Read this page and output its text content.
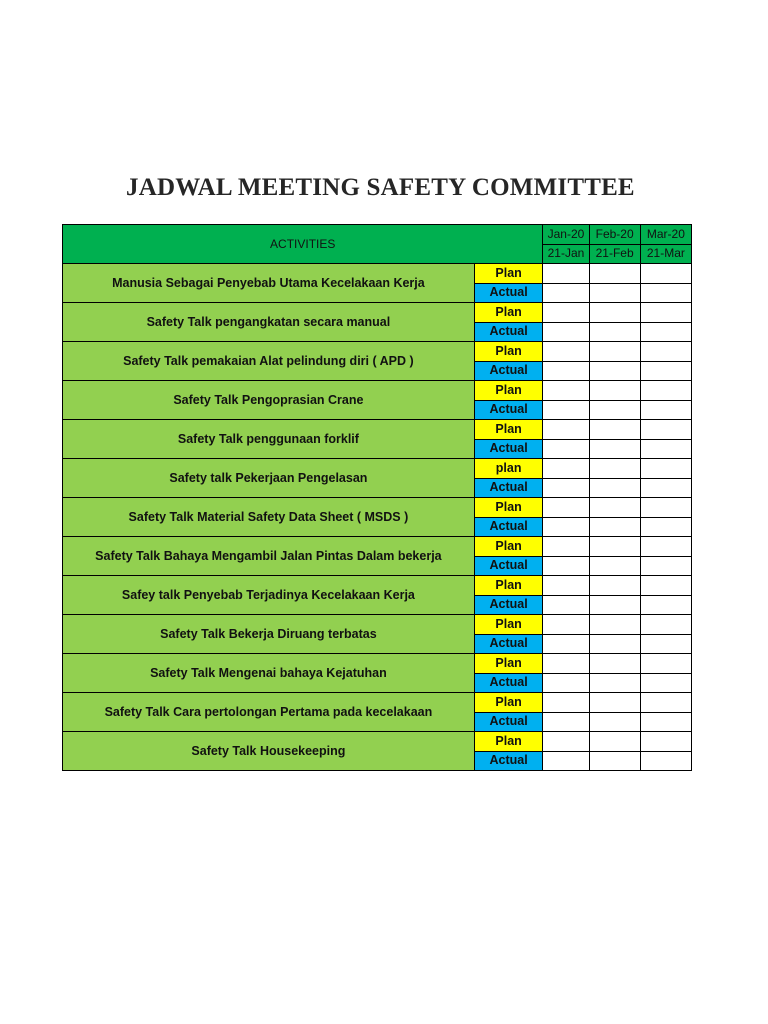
JADWAL MEETING SAFETY COMMITTEE
ACTIVITIES		Jan-20	Feb-20	Mar-20
		21-Jan	21-Feb	21-Mar
Manusia Sebagai Penyebab Utama Kecelakaan Kerja	Plan			
	Actual			
Safety Talk pengangkatan secara manual	Plan			
	Actual			
Safety Talk pemakaian Alat pelindung diri ( APD )	Plan			
	Actual			
Safety Talk Pengoprasian Crane	Plan			
	Actual			
Safety Talk penggunaan forklif	Plan			
	Actual			
Safety talk Pekerjaan Pengelasan	plan			
	Actual			
Safety Talk Material Safety Data Sheet ( MSDS )	Plan			
	Actual			
Safety Talk Bahaya Mengambil Jalan Pintas Dalam bekerja	Plan			
	Actual			
Safey talk Penyebab Terjadinya Kecelakaan Kerja	Plan			
	Actual			
Safety Talk Bekerja Diruang terbatas	Plan			
	Actual			
Safety Talk Mengenai bahaya Kejatuhan	Plan			
	Actual			
Safety Talk Cara pertolongan Pertama pada kecelakaan	Plan			
	Actual			
Safety Talk Housekeeping	Plan			
	Actual			
